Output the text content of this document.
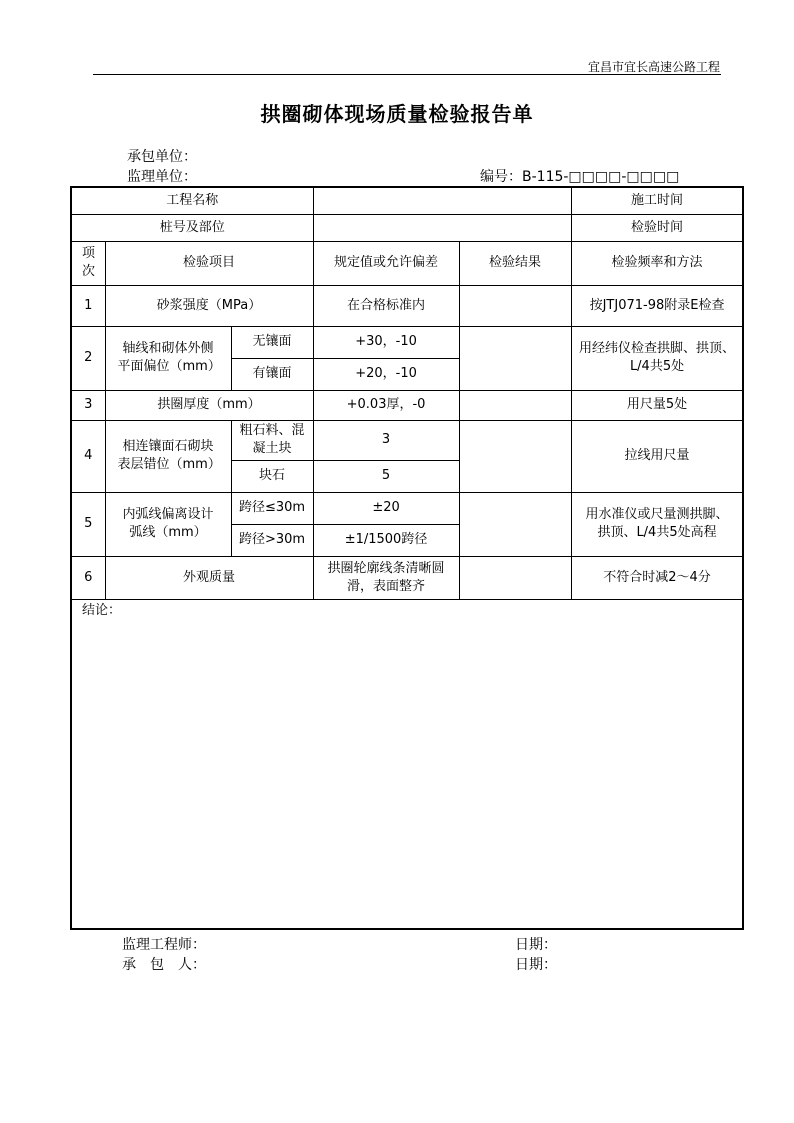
宜昌市宜长高速公路工程
拱圈砌体现场质量检验报告单
承包单位：
监理单位：	编号：B-115-□□□□-□□□□
工程名称					施工时间	
桩号及部位					检验时间	
项次	检验项目		规定值或允许偏差	检验结果	检验频率和方法	
1	砂浆强度（MPa）		在合格标准内		按JTJ071-98附录E检查	
2	轴线和砌体外侧平面偏位（mm）	无镶面	+30，-10		用经纬仪检查拱脚、拱顶、L/4共5处	
		有镶面	+20，-10			
3	拱圈厚度（mm）		+0.03厚，-0		用尺量5处	
4	相连镶面石砌块表层错位（mm）	粗石料、混凝土块	3		拉线用尺量	
		块石	5			
5	内弧线偏离设计弧线（mm）	跨径≤30m	±20		用水准仪或尺量测拱脚、拱顶、L/4共5处高程	
		跨径>30m	±1/1500跨径			
6	外观质量		拱圈轮廓线条清晰圆滑，表面整齐		不符合时减2～4分	
结论：						
监理工程师：	日期：
承　包　人：	日期：
